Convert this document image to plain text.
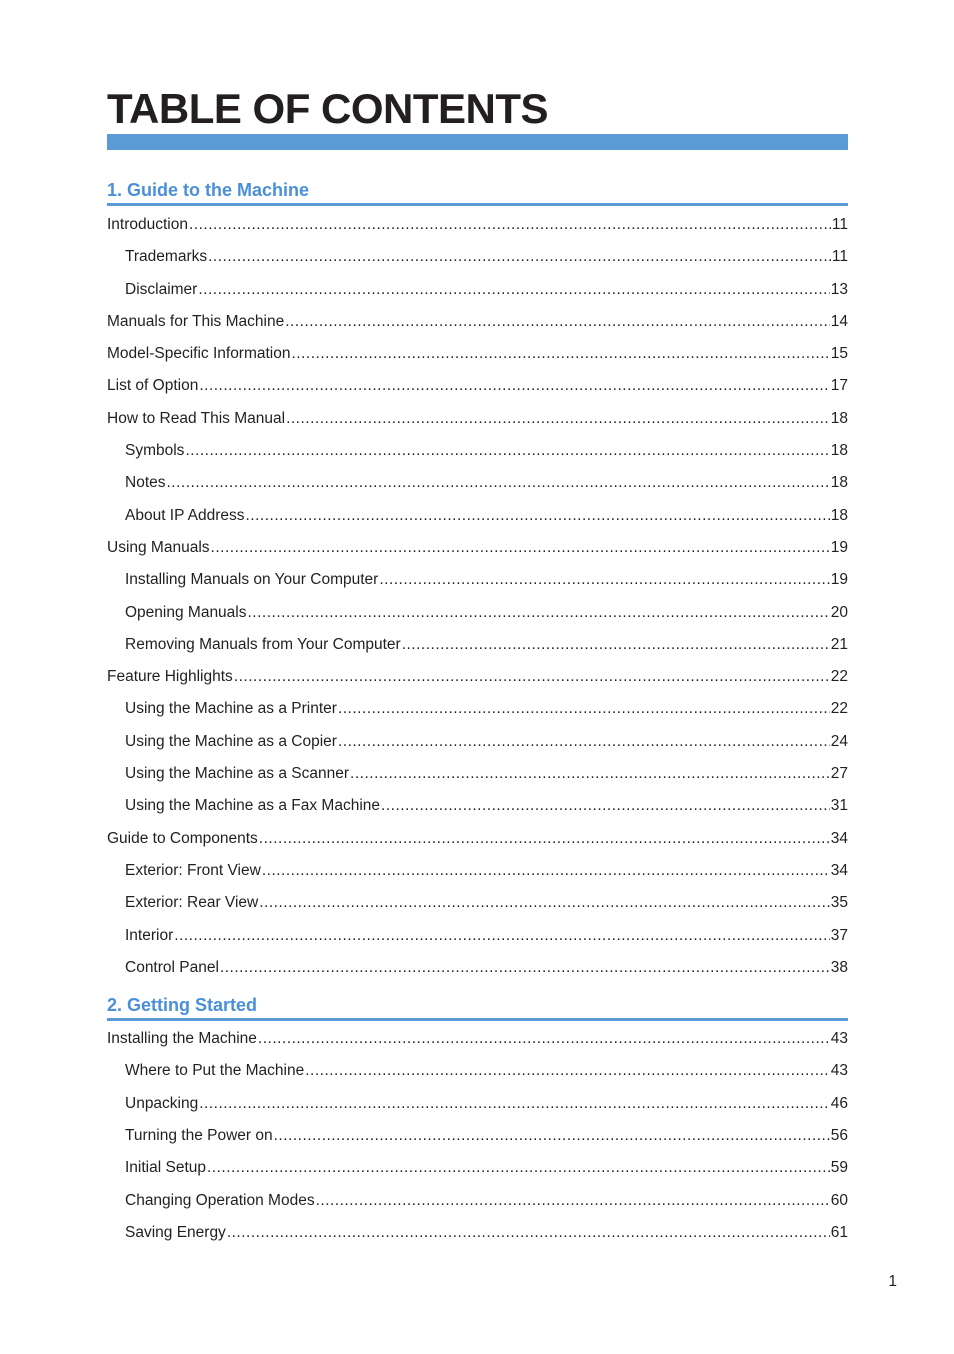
TABLE OF CONTENTS
1. Guide to the Machine
Introduction .....	11
Trademarks .....	11
Disclaimer .....	13
Manuals for This Machine .....	14
Model-Specific Information .....	15
List of Option .....	17
How to Read This Manual .....	18
Symbols .....	18
Notes .....	18
About IP Address .....	18
Using Manuals .....	19
Installing Manuals on Your Computer .....	19
Opening Manuals .....	20
Removing Manuals from Your Computer .....	21
Feature Highlights .....	22
Using the Machine as a Printer .....	22
Using the Machine as a Copier .....	24
Using the Machine as a Scanner .....	27
Using the Machine as a Fax Machine .....	31
Guide to Components .....	34
Exterior: Front View .....	34
Exterior: Rear View .....	35
Interior .....	37
Control Panel .....	38
2. Getting Started
Installing the Machine .....	43
Where to Put the Machine .....	43
Unpacking .....	46
Turning the Power on .....	56
Initial Setup .....	59
Changing Operation Modes .....	60
Saving Energy .....	61
1
